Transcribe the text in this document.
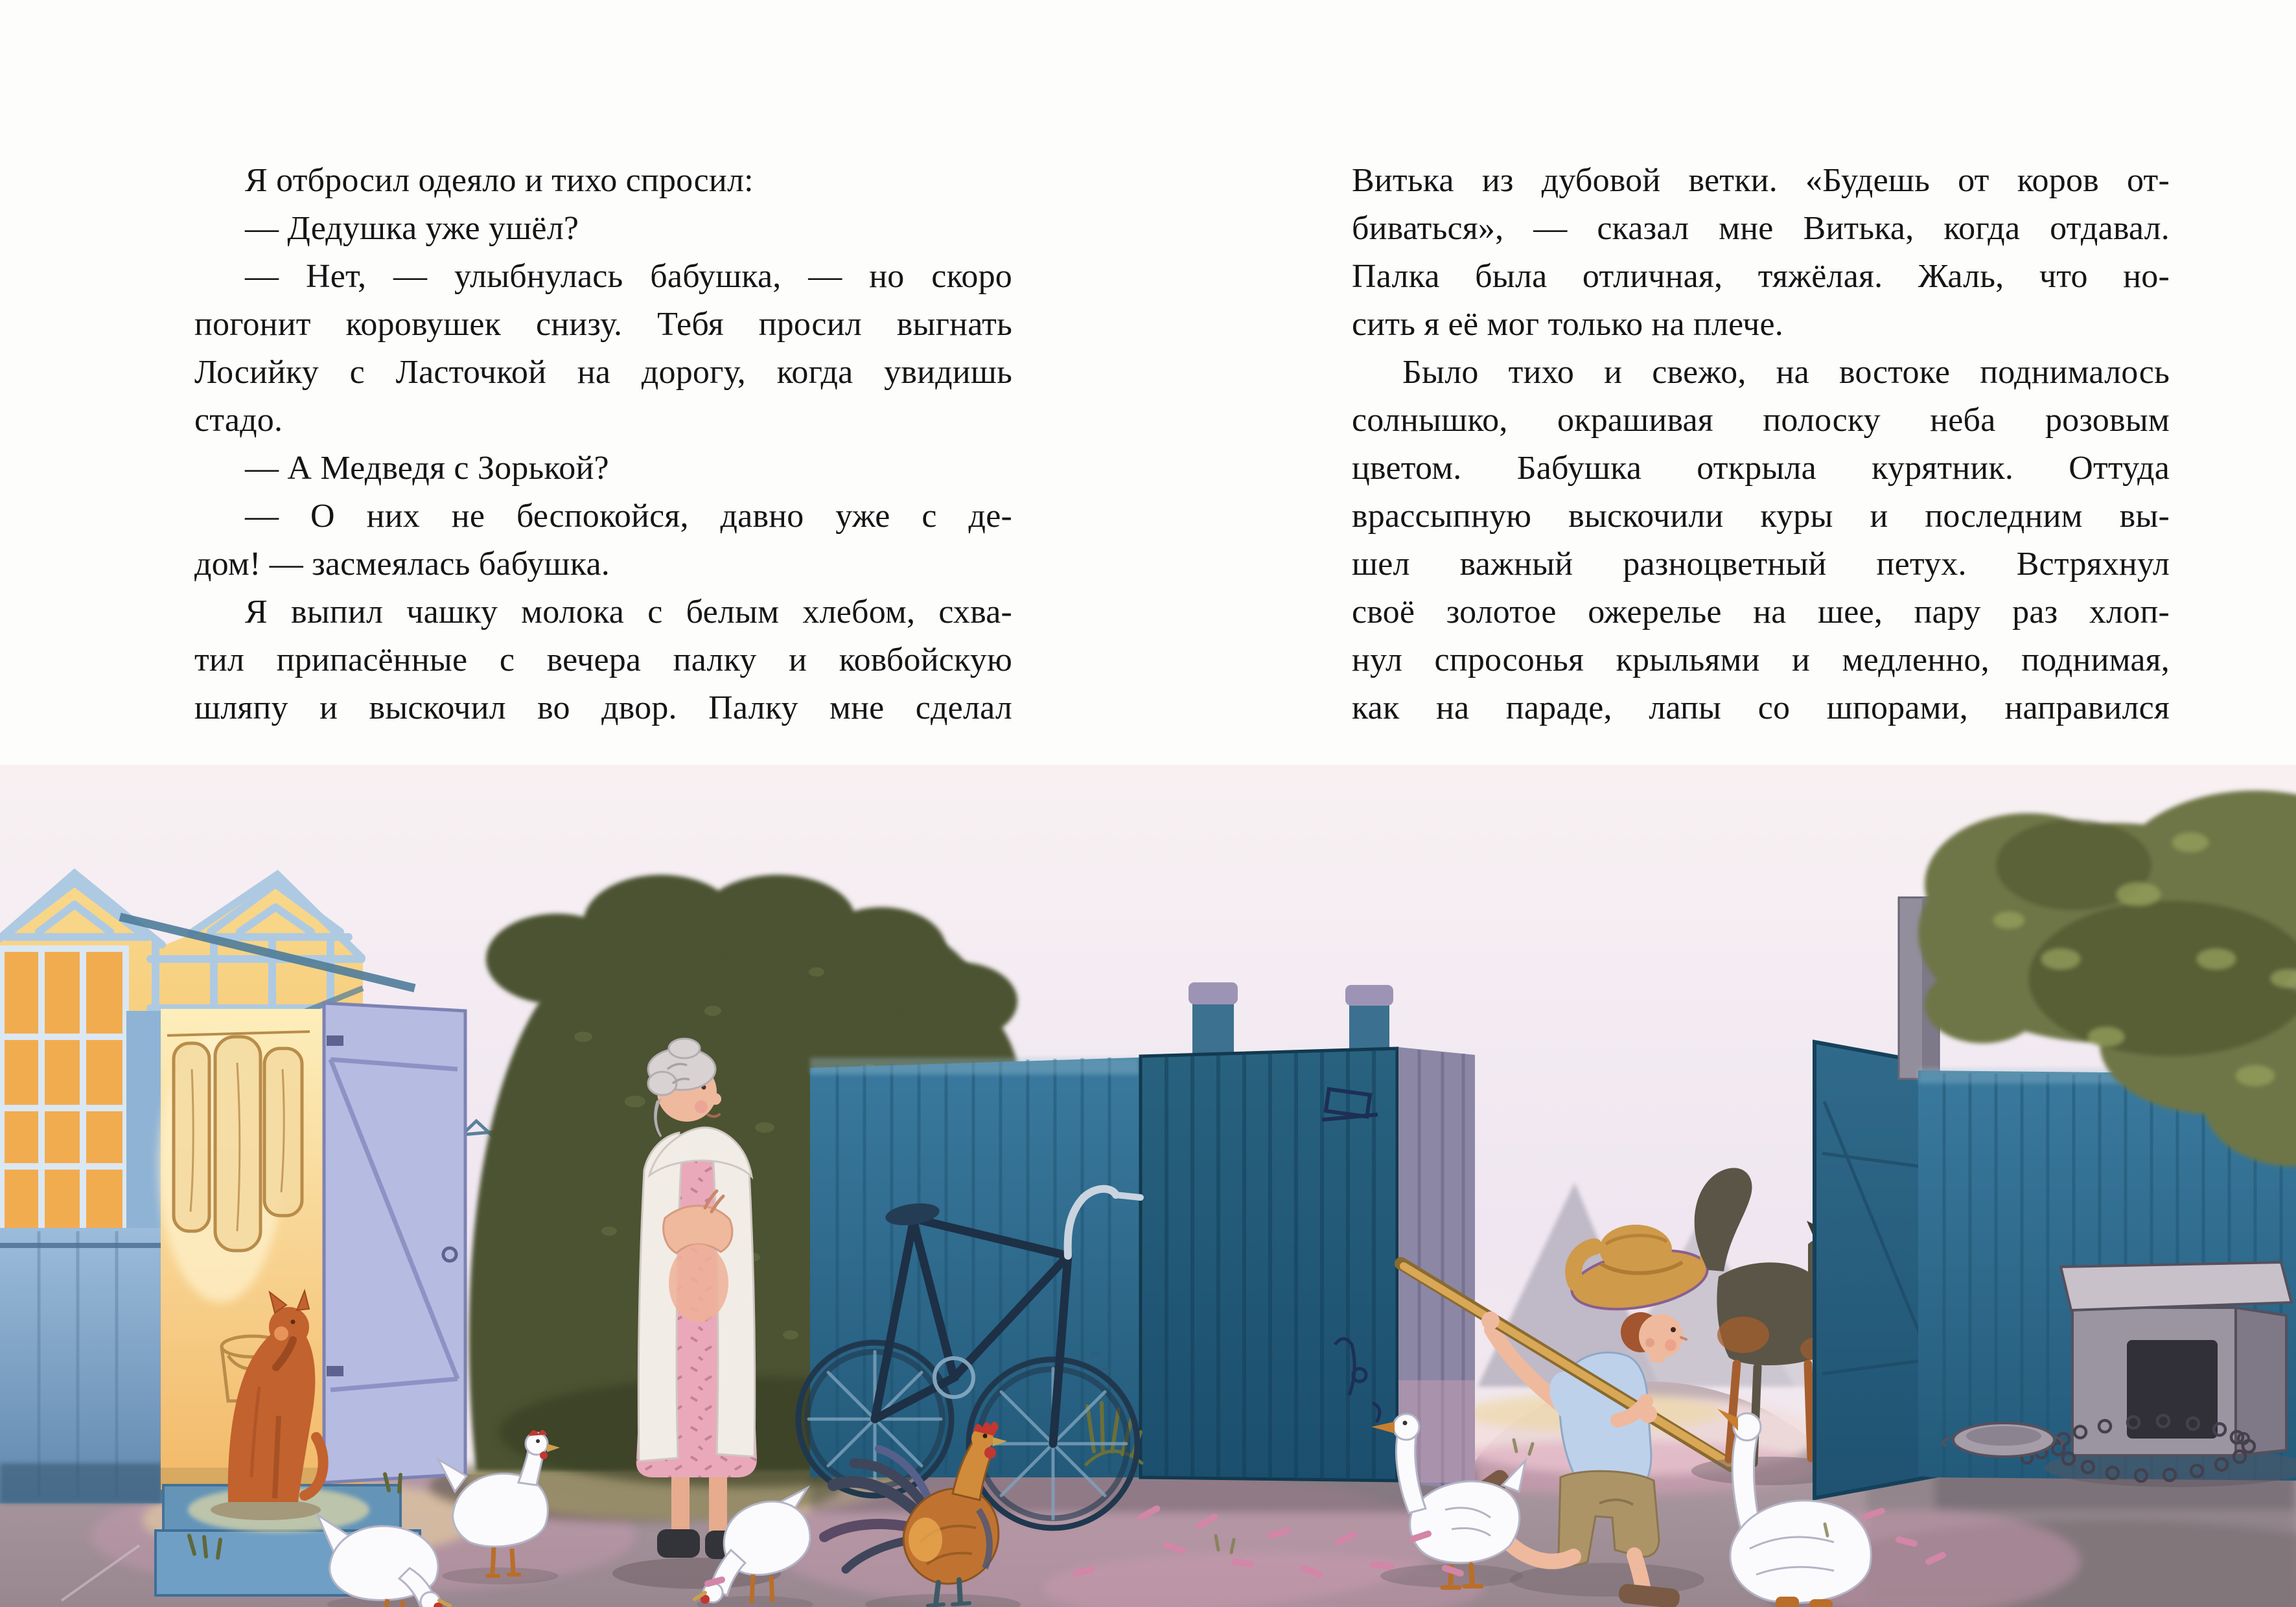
Я отбросил одеяло и тихо спросил:
— Дедушка уже ушёл?
— Нет, — улыбнулась бабушка, — но скоро
погонит коровушек снизу. Тебя просил выгнать
Лосийку с Ласточкой на дорогу, когда увидишь
стадо.
— А Медведя с Зорькой?
— О них не беспокойся, давно уже с де-
дом! — засмеялась бабушка.
Я выпил чашку молока с белым хлебом, схва-
тил припасённые с вечера палку и ковбойскую
шляпу и выскочил во двор. Палку мне сделал
Витька из дубовой ветки. «Будешь от коров от-
биваться», — сказал мне Витька, когда отдавал.
Палка была отличная, тяжёлая. Жаль, что но-
сить я её мог только на плече.
Было тихо и свежо, на востоке поднималось
солнышко, окрашивая полоску неба розовым
цветом. Бабушка открыла курятник. Оттуда
врассыпную выскочили куры и последним вы-
шел важный разноцветный петух. Встряхнул
своё золотое ожерелье на шее, пару раз хлоп-
нул спросонья крыльями и медленно, поднимая,
как на параде, лапы со шпорами, направился
